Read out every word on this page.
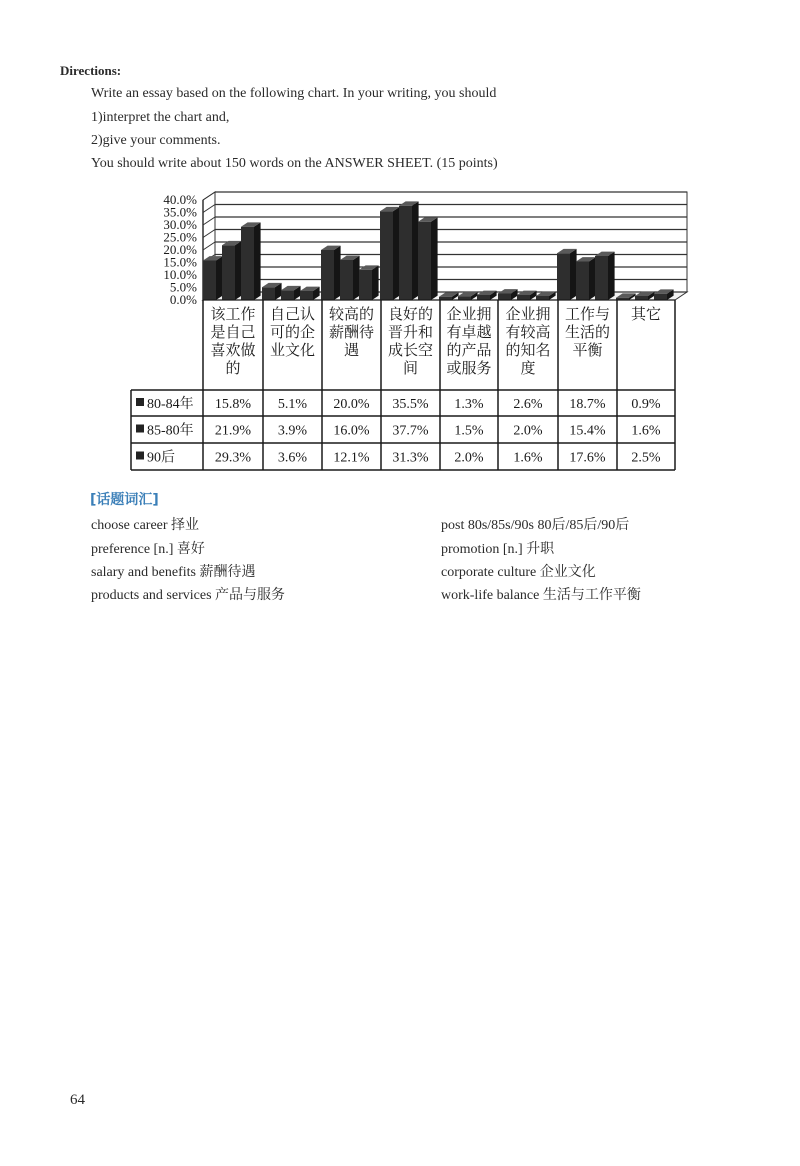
Directions:
Write an essay based on the following chart. In your writing, you should
1)interpret the chart and,
2)give your comments.
You should write about 150 words on the ANSWER SHEET. (15 points)
0.0%
5.0%
10.0%
15.0%
20.0%
25.0%
30.0%
35.0%
40.0%
该工作
是自己
喜欢做
的
自己认
可的企
业文化
较高的
薪酬待
遇
良好的
晋升和
成长空
间
企业拥
有卓越
的产品
或服务
企业拥
有较高
的知名
度
工作与
生活的
平衡
其它
80-84年 15.8% 5.1% 20.0% 35.5% 1.3% 2.6% 18.7% 0.9%
85-80年 21.9% 3.9% 16.0% 37.7% 1.5% 2.0% 15.4% 1.6%
90后	29.3% 3.6% 12.1% 31.3% 2.0% 1.6% 17.6% 2.5%
[话题词汇]
choose career 择业
preference [n.] 喜好
salary and benefits 薪酬待遇
products and services 产品与服务
post 80s/85s/90s 80后/85后/90后
promotion [n.] 升职
corporate culture 企业文化
work-life balance 生活与工作平衡
64
